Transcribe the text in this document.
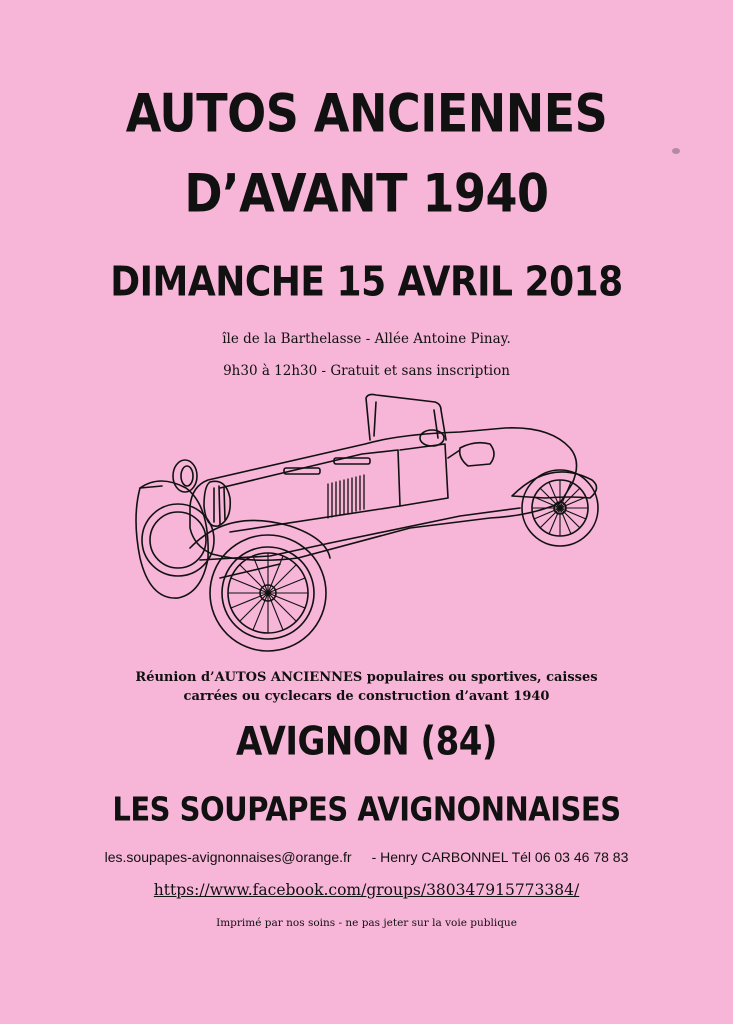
AUTOS ANCIENNES
D’AVANT 1940
DIMANCHE 15 AVRIL 2018
île de la Barthelasse - Allée Antoine Pinay.
9h30 à 12h30 - Gratuit et sans inscription
Réunion d’AUTOS ANCIENNES populaires ou sportives, caisses
carrées ou cyclecars de construction d’avant 1940
AVIGNON (84)
LES SOUPAPES AVIGNONNAISES
les.soupapes-avignonnaises@orange.fr - Henry CARBONNEL Tél 06 03 46 78 83
https://www.facebook.com/groups/380347915773384/
Imprimé par nos soins - ne pas jeter sur la voie publique
